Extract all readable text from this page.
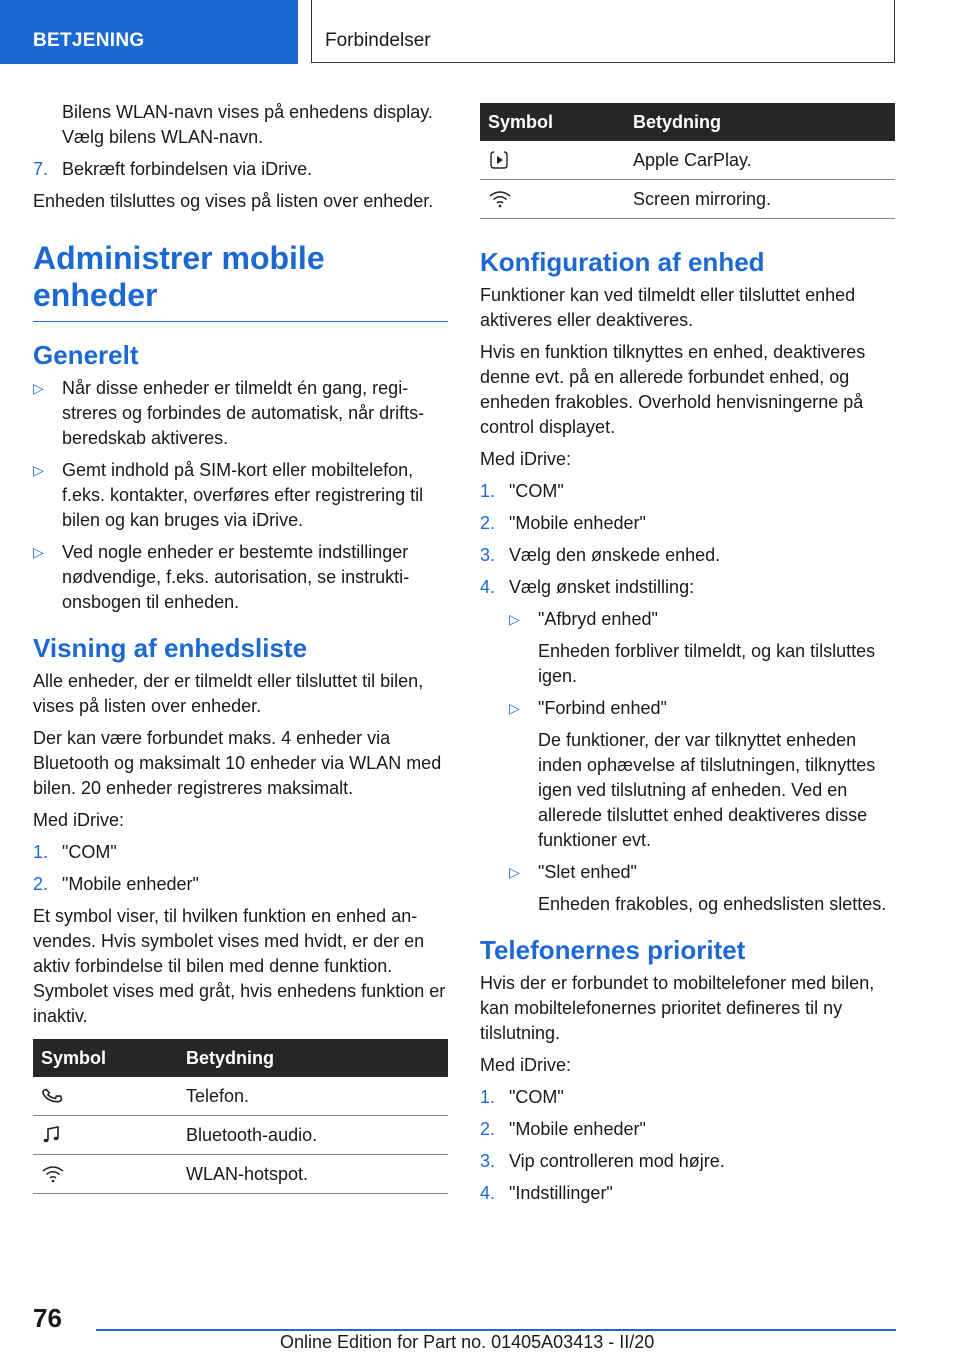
BETJENING	Forbindelser

Bilens WLAN-navn vises på enhedens display. Vælg bilens WLAN-navn.

7. Bekræft forbindelsen via iDrive.

Enheden tilsluttes og vises på listen over enheder.

Administrer mobile enheder
Generelt
▷	Når disse enheder er tilmeldt én gang, registreres og forbindes de automatisk, når driftsberedskab aktiveres.
▷	Gemt indhold på SIM-kort eller mobiltelefon, f.eks. kontakter, overføres efter registrering til bilen og kan bruges via iDrive.
▷	Ved nogle enheder er bestemte indstillinger nødvendige, f.eks. autorisation, se instruktionsbogen til enheden.
Visning af enhedsliste

Alle enheder, der er tilmeldt eller tilsluttet til bilen, vises på listen over enheder.

Der kan være forbundet maks. 4 enheder via Bluetooth og maksimalt 10 enheder via WLAN med bilen. 20 enheder registreres maksimalt.

Med iDrive:

1. "COM"
2. "Mobile enheder"

Et symbol viser, til hvilken funktion en enhed anvendes. Hvis symbolet vises med hvidt, er der en aktiv forbindelse til bilen med denne funktion. Symbolet vises med gråt, hvis enhedens funktion er inaktiv.

Symbol	Betydning

	Telefon.

	Bluetooth-audio.

	WLAN-hotspot.
Symbol	Betydning

	Apple CarPlay.

	Screen mirroring.
Konfiguration af enhed

Funktioner kan ved tilmeldt eller tilsluttet enhed aktiveres eller deaktiveres.

Hvis en funktion tilknyttes en enhed, deaktiveres denne evt. på en allerede forbundet enhed, og enheden frakobles. Overhold henvisningerne på control displayet.

Med iDrive:

1. "COM"
2. "Mobile enheder"
3. Vælg den ønskede enhed.
4. Vælg ønsket indstilling:
▷	"Afbryd enhed"

Enheden forbliver tilmeldt, og kan tilsluttes igen.

▷	"Forbind enhed"

De funktioner, der var tilknyttet enheden inden ophævelse af tilslutningen, tilknyttes igen ved tilslutning af enheden. Ved en allerede tilsluttet enhed deaktiveres disse funktioner evt.

▷	"Slet enhed"

Enheden frakobles, og enhedslisten slettes.

Telefonernes prioritet

Hvis der er forbundet to mobiltelefoner med bilen, kan mobiltelefonernes prioritet defineres til ny tilslutning.

Med iDrive:

1. "COM"
2. "Mobile enheder"
3. Vip controlleren mod højre.
4. "Indstillinger"
76
Online Edition for Part no. 01405A03413 - II/20
